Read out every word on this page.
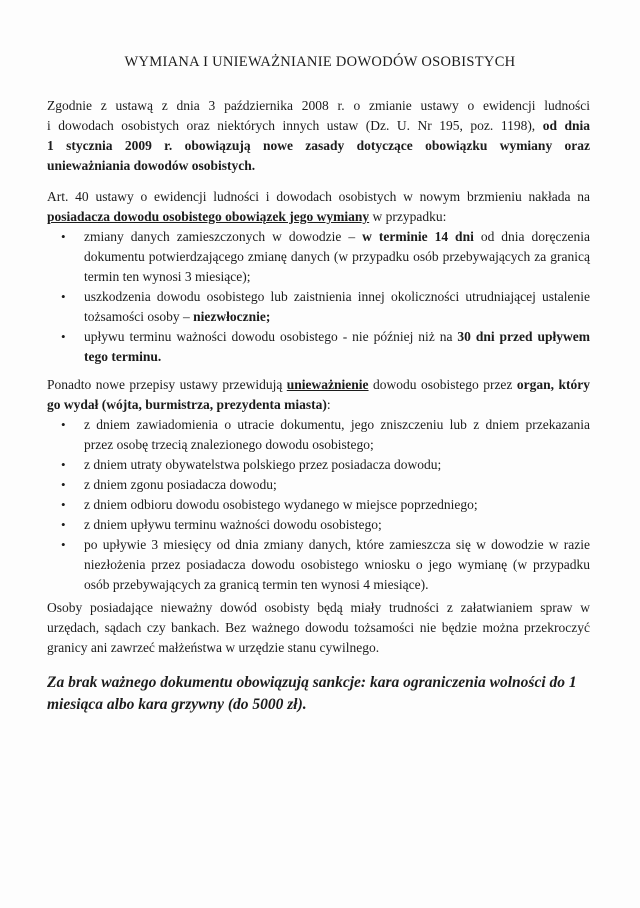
WYMIANA I UNIEWAŻNIANIE DOWODÓW OSOBISTYCH
Zgodnie z ustawą z dnia 3 października 2008 r. o zmianie ustawy o ewidencji ludności
i dowodach osobistych oraz niektórych innych ustaw (Dz. U. Nr 195, poz. 1198), od dnia
1 stycznia 2009 r. obowiązują nowe zasady dotyczące obowiązku wymiany oraz
unieważniania dowodów osobistych.
Art. 40 ustawy o ewidencji ludności i dowodach osobistych w nowym brzmieniu nakłada na
posiadacza dowodu osobistego obowiązek jego wymiany w przypadku:
• zmiany danych zamieszczonych w dowodzie – w terminie 14 dni od dnia doręczenia dokumentu potwierdzającego zmianę danych (w przypadku osób przebywających za granicą termin ten wynosi 3 miesiące);
• uszkodzenia dowodu osobistego lub zaistnienia innej okoliczności utrudniającej ustalenie tożsamości osoby – niezwłocznie;
• upływu terminu ważności dowodu osobistego - nie później niż na 30 dni przed upływem tego terminu.
Ponadto nowe przepisy ustawy przewidują unieważnienie dowodu osobistego przez organ, który go wydał (wójta, burmistrza, prezydenta miasta):
• z dniem zawiadomienia o utracie dokumentu, jego zniszczeniu lub z dniem przekazania przez osobę trzecią znalezionego dowodu osobistego;
• z dniem utraty obywatelstwa polskiego przez posiadacza dowodu;
• z dniem zgonu posiadacza dowodu;
• z dniem odbioru dowodu osobistego wydanego w miejsce poprzedniego;
• z dniem upływu terminu ważności dowodu osobistego;
• po upływie 3 miesięcy od dnia zmiany danych, które zamieszcza się w dowodzie w razie niezłożenia przez posiadacza dowodu osobistego wniosku o jego wymianę (w przypadku osób przebywających za granicą termin ten wynosi 4 miesiące).
Osoby posiadające nieważny dowód osobisty będą miały trudności z załatwianiem spraw w urzędach, sądach czy bankach. Bez ważnego dowodu tożsamości nie będzie można przekroczyć granicy ani zawrzeć małżeństwa w urzędzie stanu cywilnego.
Za brak ważnego dokumentu obowiązują sankcje: kara ograniczenia wolności do 1 miesiąca albo kara grzywny (do 5000 zł).
